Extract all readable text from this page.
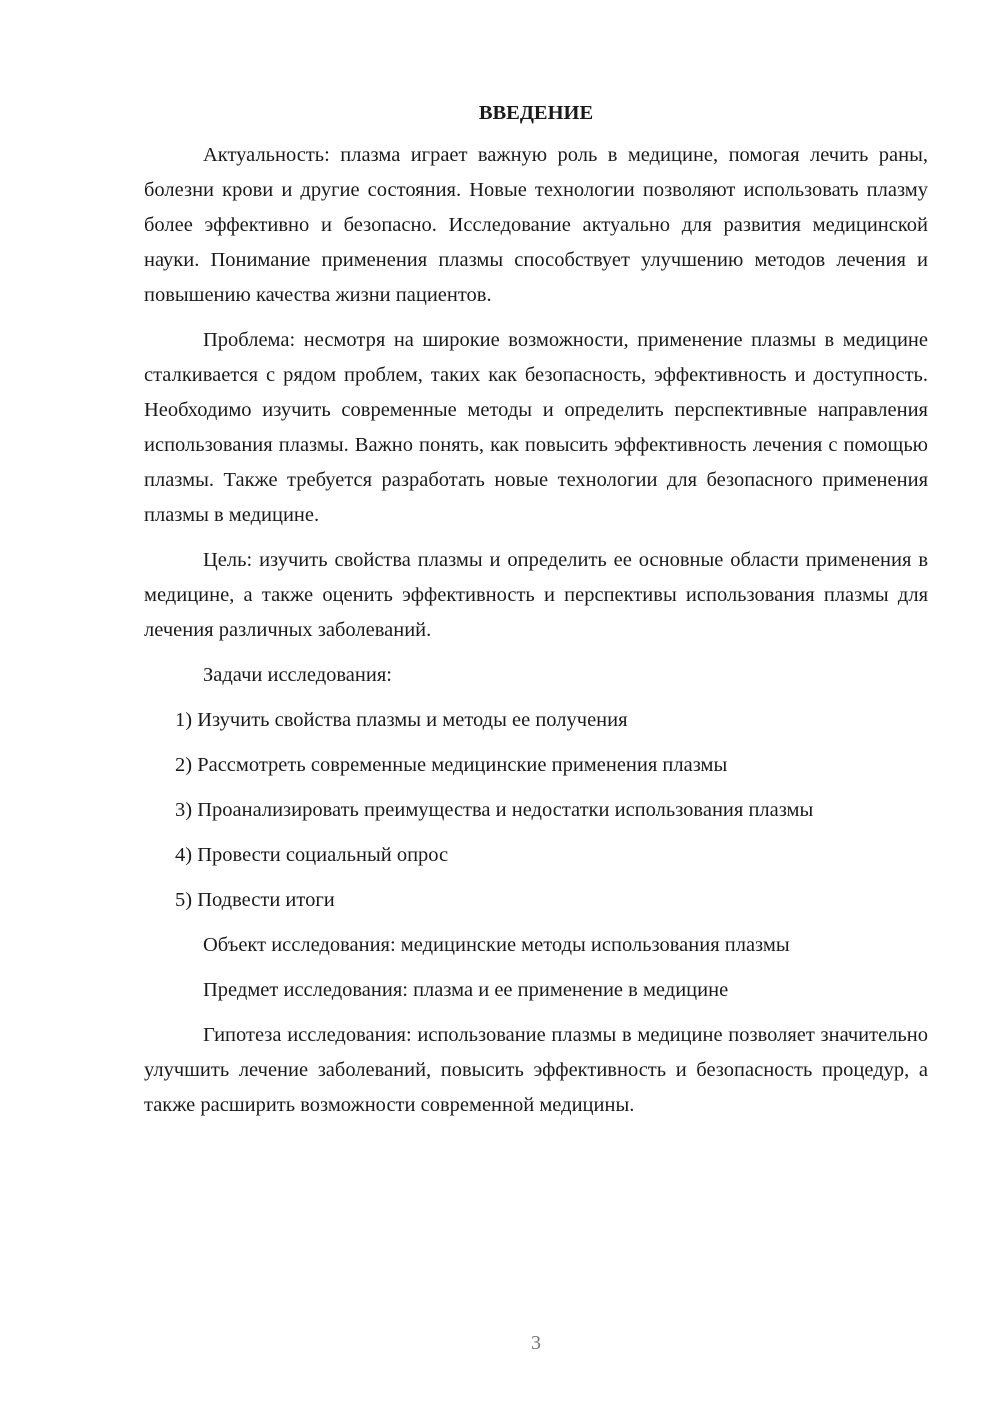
ВВЕДЕНИЕ

Актуальность: плазма играет важную роль в медицине, помогая лечить раны, болезни крови и другие состояния. Новые технологии позволяют использовать плазму более эффективно и безопасно. Исследование актуально для развития медицинской науки. Понимание применения плазмы способствует улучшению методов лечения и повышению качества жизни пациентов.

Проблема: несмотря на широкие возможности, применение плазмы в медицине сталкивается с рядом проблем, таких как безопасность, эффективность и доступность. Необходимо изучить современные методы и определить перспективные направления использования плазмы. Важно понять, как повысить эффективность лечения с помощью плазмы. Также требуется разработать новые технологии для безопасного применения плазмы в медицине.

Цель: изучить свойства плазмы и определить ее основные области применения в медицине, а также оценить эффективность и перспективы использования плазмы для лечения различных заболеваний.

Задачи исследования:

1) Изучить свойства плазмы и методы ее получения

2) Рассмотреть современные медицинские применения плазмы

3) Проанализировать преимущества и недостатки использования плазмы

4) Провести социальный опрос

5) Подвести итоги

Объект исследования: медицинские методы использования плазмы

Предмет исследования: плазма и ее применение в медицине

Гипотеза исследования: использование плазмы в медицине позволяет значительно улучшить лечение заболеваний, повысить эффективность и безопасность процедур, а также расширить возможности современной медицины.

3
